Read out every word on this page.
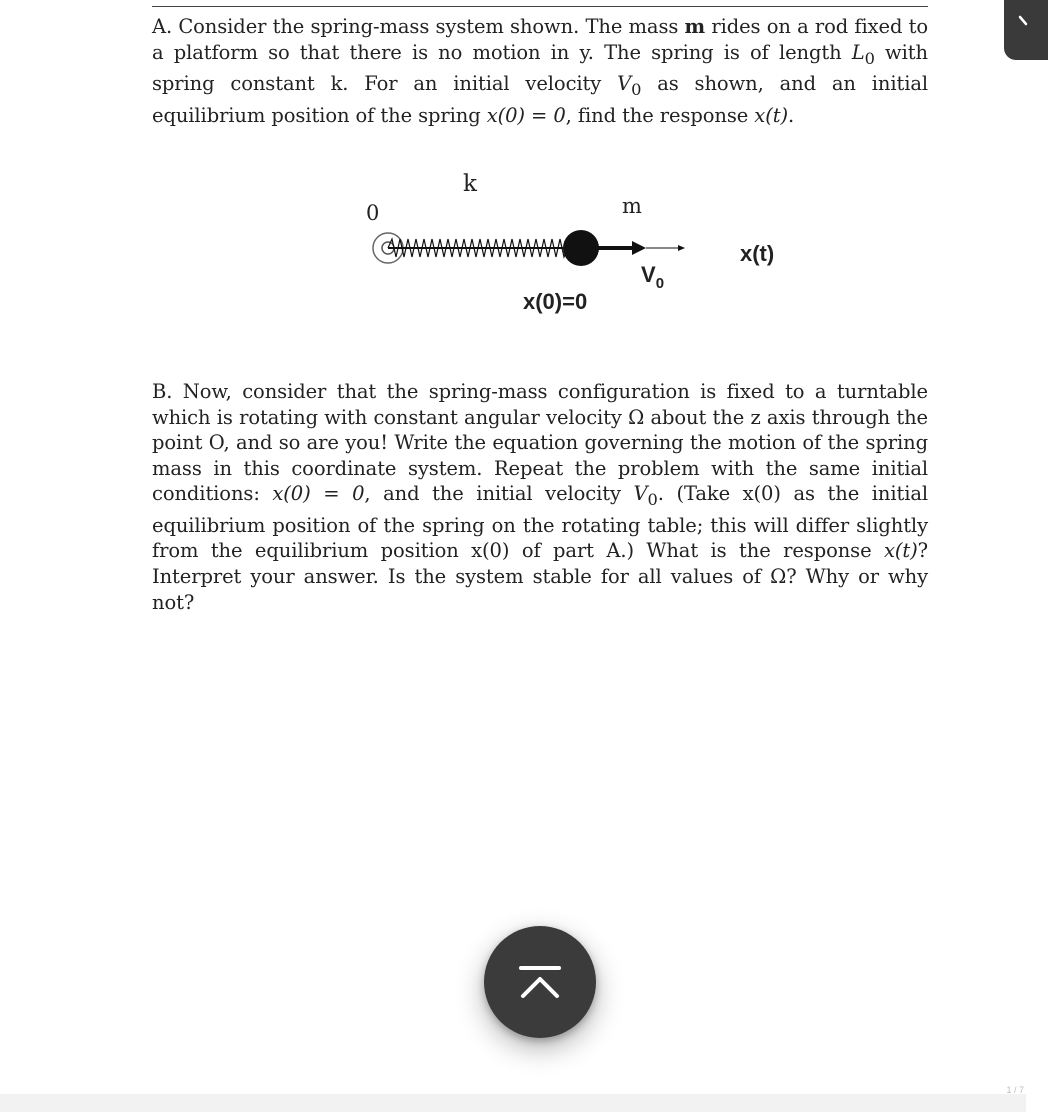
A. Consider the spring-mass system shown. The mass m rides on a rod fixed to a platform so that there is no motion in y. The spring is of length $L_0$ with spring constant k. For an initial velocity $V_0$ as shown, and an initial equilibrium position of the spring x(0) = 0, find the response x(t).
0
k
m
x(t)
$V_0$
x(0)=0
B. Now, consider that the spring-mass configuration is fixed to a turntable which is rotating with constant angular velocity Ω about the z axis through the point O, and so are you! Write the equation governing the motion of the spring mass in this coordinate system. Repeat the problem with the same initial conditions: x(0) = 0, and the initial velocity $V_0$. (Take x(0) as the initial equilibrium position of the spring on the rotating table; this will differ slightly from the equilibrium position x(0) of part A.) What is the response x(t)? Interpret your answer. Is the system stable for all values of Ω? Why or why not?
1 / 7
